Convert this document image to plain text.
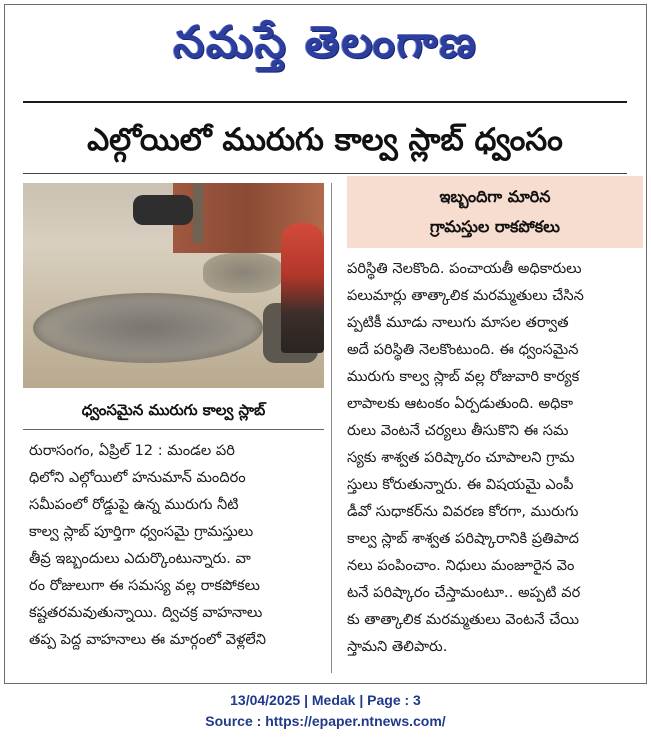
నమస్తే తెలంగాణ
ఎల్గోయిలో మురుగు కాల్వ స్లాబ్ ధ్వంసం
ధ్వంసమైన మురుగు కాల్వ స్లాబ్
రురాసంగం, ఏప్రిల్ 12 : మండల పరి
ధిలోని ఎల్గోయిలో హనుమాన్ మందిరం
సమీపంలో రోడ్డుపై ఉన్న మురుగు నీటి
కాల్వ స్లాబ్ పూర్తిగా ధ్వంసమై గ్రామస్తులు
తీవ్ర ఇబ్బందులు ఎదుర్కొంటున్నారు. వా
రం రోజులుగా ఈ సమస్య వల్ల రాకపోకలు
కష్టతరమవుతున్నాయి. ద్విచక్ర వాహనాలు
తప్ప పెద్ద వాహనాలు ఈ మార్గంలో వెళ్లలేని
ఇబ్బందిగా మారిన
గ్రామస్తుల రాకపోకలు
పరిస్థితి నెలకొంది. పంచాయతీ అధికారులు
పలుమార్లు తాత్కాలిక మరమ్మతులు చేసిన
ప్పటికీ మూడు నాలుగు మాసల తర్వాత
అదే పరిస్థితి నెలకొంటుంది. ఈ ధ్వంసమైన
మురుగు కాల్వ స్లాబ్ వల్ల రోజువారి కార్యక
లాపాలకు ఆటంకం ఏర్పడుతుంది. అధికా
రులు వెంటనే చర్యలు తీసుకొని ఈ సమ
స్యకు శాశ్వత పరిష్కారం చూపాలని గ్రామ
స్తులు కోరుతున్నారు. ఈ విషయమై ఎంపీ
డీవో సుధాకర్‌ను వివరణ కోరగా, మురుగు
కాల్వ స్లాబ్ శాశ్వత పరిష్కారానికి ప్రతిపాద
నలు పంపించాం. నిధులు మంజూరైన వెం
టనే పరిష్కారం చేస్తామంటూ.. అప్పటి వర
కు తాత్కాలిక మరమ్మతులు వెంటనే చేయి
స్తామని తెలిపారు.
13/04/2025 | Medak | Page : 3
Source : https://epaper.ntnews.com/
